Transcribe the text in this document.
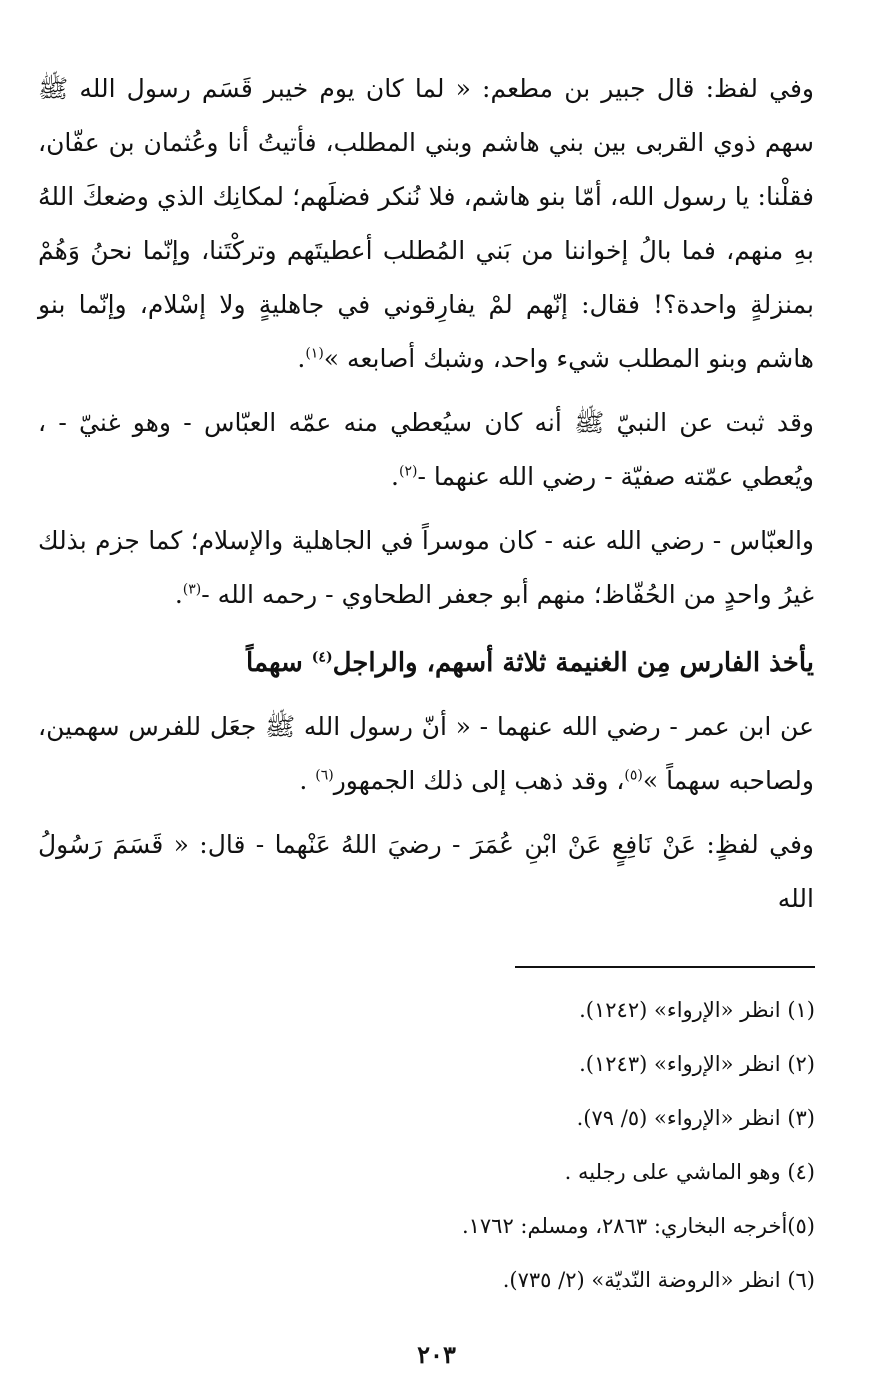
وفي لفظ: قال جبير بن مطعم: « لما كان يوم خيبر قَسَم رسول الله ﷺ سهم ذوي القربى بين بني هاشم وبني المطلب، فأتيتُ أنا وعُثمان بن عفّان، فقلْنا: يا رسول الله، أمّا بنو هاشم، فلا نُنكر فضلَهم؛ لمكانِك الذي وضعكَ اللهُ بهِ منهم، فما بالُ إخواننا من بَني المُطلب أعطيتَهم وتركْتَنا، وإنّما نحنُ وَهُمْ بمنزلةٍ واحدة؟! فقال: إنّهم لمْ يفارِقوني في جاهليةٍ ولا إسْلام، وإنّما بنو هاشم وبنو المطلب شيء واحد، وشبك أصابعه »$^{(١)}$.

وقد ثبت عن النبيّ ﷺ أنه كان سيُعطي منه عمّه العبّاس - وهو غنيّ - ، ويُعطي عمّته صفيّة - رضي الله عنهما -$^{(٢)}$.

والعبّاس - رضي الله عنه - كان موسراً في الجاهلية والإسلام؛ كما جزم بذلك غيرُ واحدٍ من الحُفّاظ؛ منهم أبو جعفر الطحاوي - رحمه الله -$^{(٣)}$.

يأخذ الفارس مِن الغنيمة ثلاثة أسهم، والراجل$^{(٤)}$ سهماً

عن ابن عمر - رضي الله عنهما - « أنّ رسول الله ﷺ جعَل للفرس سهمين، ولصاحبه سهماً »$^{(٥)}$، وقد ذهب إلى ذلك الجمهور$^{(٦)}$ .

وفي لفظٍ: عَنْ نَافِعٍ عَنْ ابْنِ عُمَرَ - رضيَ اللهُ عَنْهما - قال: « قَسَمَ رَسُولُ الله

(١) انظر «الإرواء» (١٢٤٢).
(٢) انظر «الإرواء» (١٢٤٣).
(٣) انظر «الإرواء» (٥/ ٧٩).
(٤) وهو الماشي على رجليه .
(٥)أخرجه البخاري: ٢٨٦٣، ومسلم: ١٧٦٢.
(٦) انظر «الروضة النّديّة» (٢/ ٧٣٥).
٢٠٣
